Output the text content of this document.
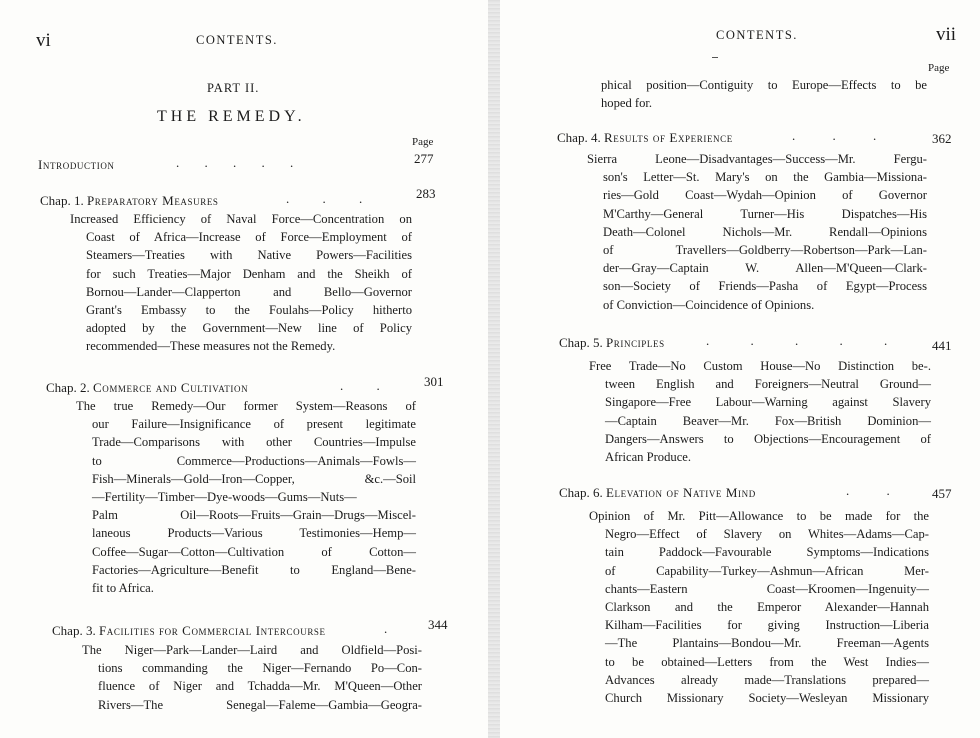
vi	CONTENTS.
PART II.
THE REMEDY.
Page
Introduction	. . . . .	277
Chap. 1. Preparatory Measures	. . .	283
Increased Efficiency of Naval Force—Concentration on
Coast of Africa—Increase of Force—Employment of
Steamers—Treaties with Native Powers—Facilities
for such Treaties—Major Denham and the Sheikh of
Bornou—Lander—Clapperton and Bello—Governor
Grant's Embassy to the Foulahs—Policy hitherto
adopted by the Government—New line of Policy
recommended—These measures not the Remedy.
Chap. 2. Commerce and Cultivation	. .	301
The true Remedy—Our former System—Reasons of
our Failure—Insignificance of present legitimate
Trade—Comparisons with other Countries—Impulse
to Commerce—Productions—Animals—Fowls—
Fish—Minerals—Gold—Iron—Copper, &c.—Soil
—Fertility—Timber—Dye-woods—Gums—Nuts—
Palm Oil—Roots—Fruits—Grain—Drugs—Miscel-
laneous Products—Various Testimonies—Hemp—
Coffee—Sugar—Cotton—Cultivation of Cotton—
Factories—Agriculture—Benefit to England—Bene-
fit to Africa.
Chap. 3. Facilities for Commercial Intercourse	.	344
The Niger—Park—Lander—Laird and Oldfield—Posi-
tions commanding the Niger—Fernando Po—Con-
fluence of Niger and Tchadda—Mr. M'Queen—Other
Rivers—The Senegal—Faleme—Gambia—Geogra-
CONTENTS.	vii
Page
phical position—Contiguity to Europe—Effects to be
hoped for.
Chap. 4. Results of Experience	. . .	362
Sierra Leone—Disadvantages—Success—Mr. Fergu-
son's Letter—St. Mary's on the Gambia—Missiona-
ries—Gold Coast—Wydah—Opinion of Governor
M'Carthy—General Turner—His Dispatches—His
Death—Colonel Nichols—Mr. Rendall—Opinions
of Travellers—Goldberry—Robertson—Park—Lan-
der—Gray—Captain W. Allen—M'Queen—Clark-
son—Society of Friends—Pasha of Egypt—Process
of Conviction—Coincidence of Opinions.
Chap. 5. Principles	. . . . .	441
Free Trade—No Custom House—No Distinction be-.
tween English and Foreigners—Neutral Ground—
Singapore—Free Labour—Warning against Slavery
—Captain Beaver—Mr. Fox—British Dominion—
Dangers—Answers to Objections—Encouragement of
African Produce.
Chap. 6. Elevation of Native Mind	. .	457
Opinion of Mr. Pitt—Allowance to be made for the
Negro—Effect of Slavery on Whites—Adams—Cap-
tain Paddock—Favourable Symptoms—Indications
of Capability—Turkey—Ashmun—African Mer-
chants—Eastern Coast—Kroomen—Ingenuity—
Clarkson and the Emperor Alexander—Hannah
Kilham—Facilities for giving Instruction—Liberia
—The Plantains—Bondou—Mr. Freeman—Agents
to be obtained—Letters from the West Indies—
Advances already made—Translations prepared—
Church Missionary Society—Wesleyan Missionary
